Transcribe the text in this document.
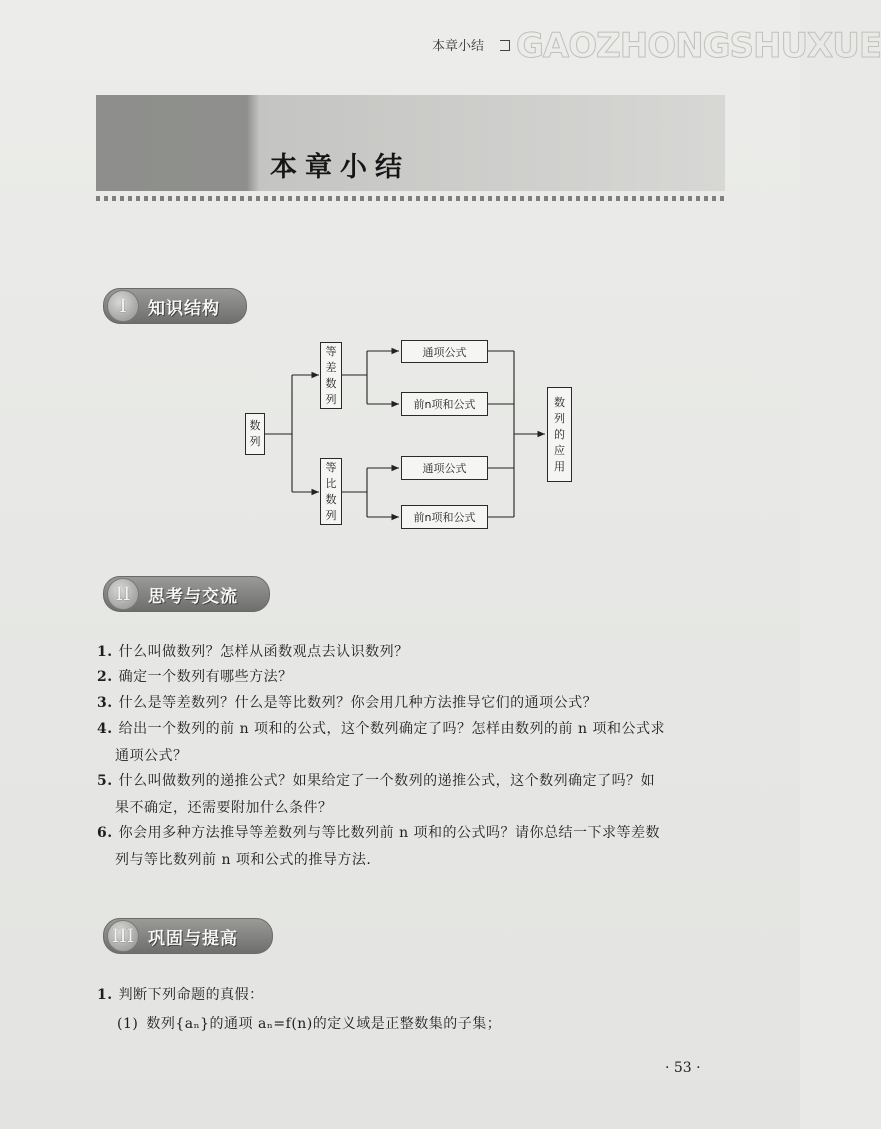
本章小结 GAOZHONGSHUXUE
本章小结
I	知识结构
数列
等差数列
等比数列
通项公式
前n项和公式
通项公式
前n项和公式
数列的应用
II	思考与交流
1. 什么叫做数列？怎样从函数观点去认识数列？
2. 确定一个数列有哪些方法？
3. 什么是等差数列？什么是等比数列？你会用几种方法推导它们的通项公式？
4. 给出一个数列的前 n 项和的公式，这个数列确定了吗？怎样由数列的前 n 项和公式求
通项公式？
5. 什么叫做数列的递推公式？如果给定了一个数列的递推公式，这个数列确定了吗？如
果不确定，还需要附加什么条件？
6. 你会用多种方法推导等差数列与等比数列前 n 项和的公式吗？请你总结一下求等差数
列与等比数列前 n 项和公式的推导方法.
III 巩固与提高
1. 判断下列命题的真假：
(1) 数列{aₙ}的通项 aₙ=f(n)的定义域是正整数集的子集；
· 53 ·
